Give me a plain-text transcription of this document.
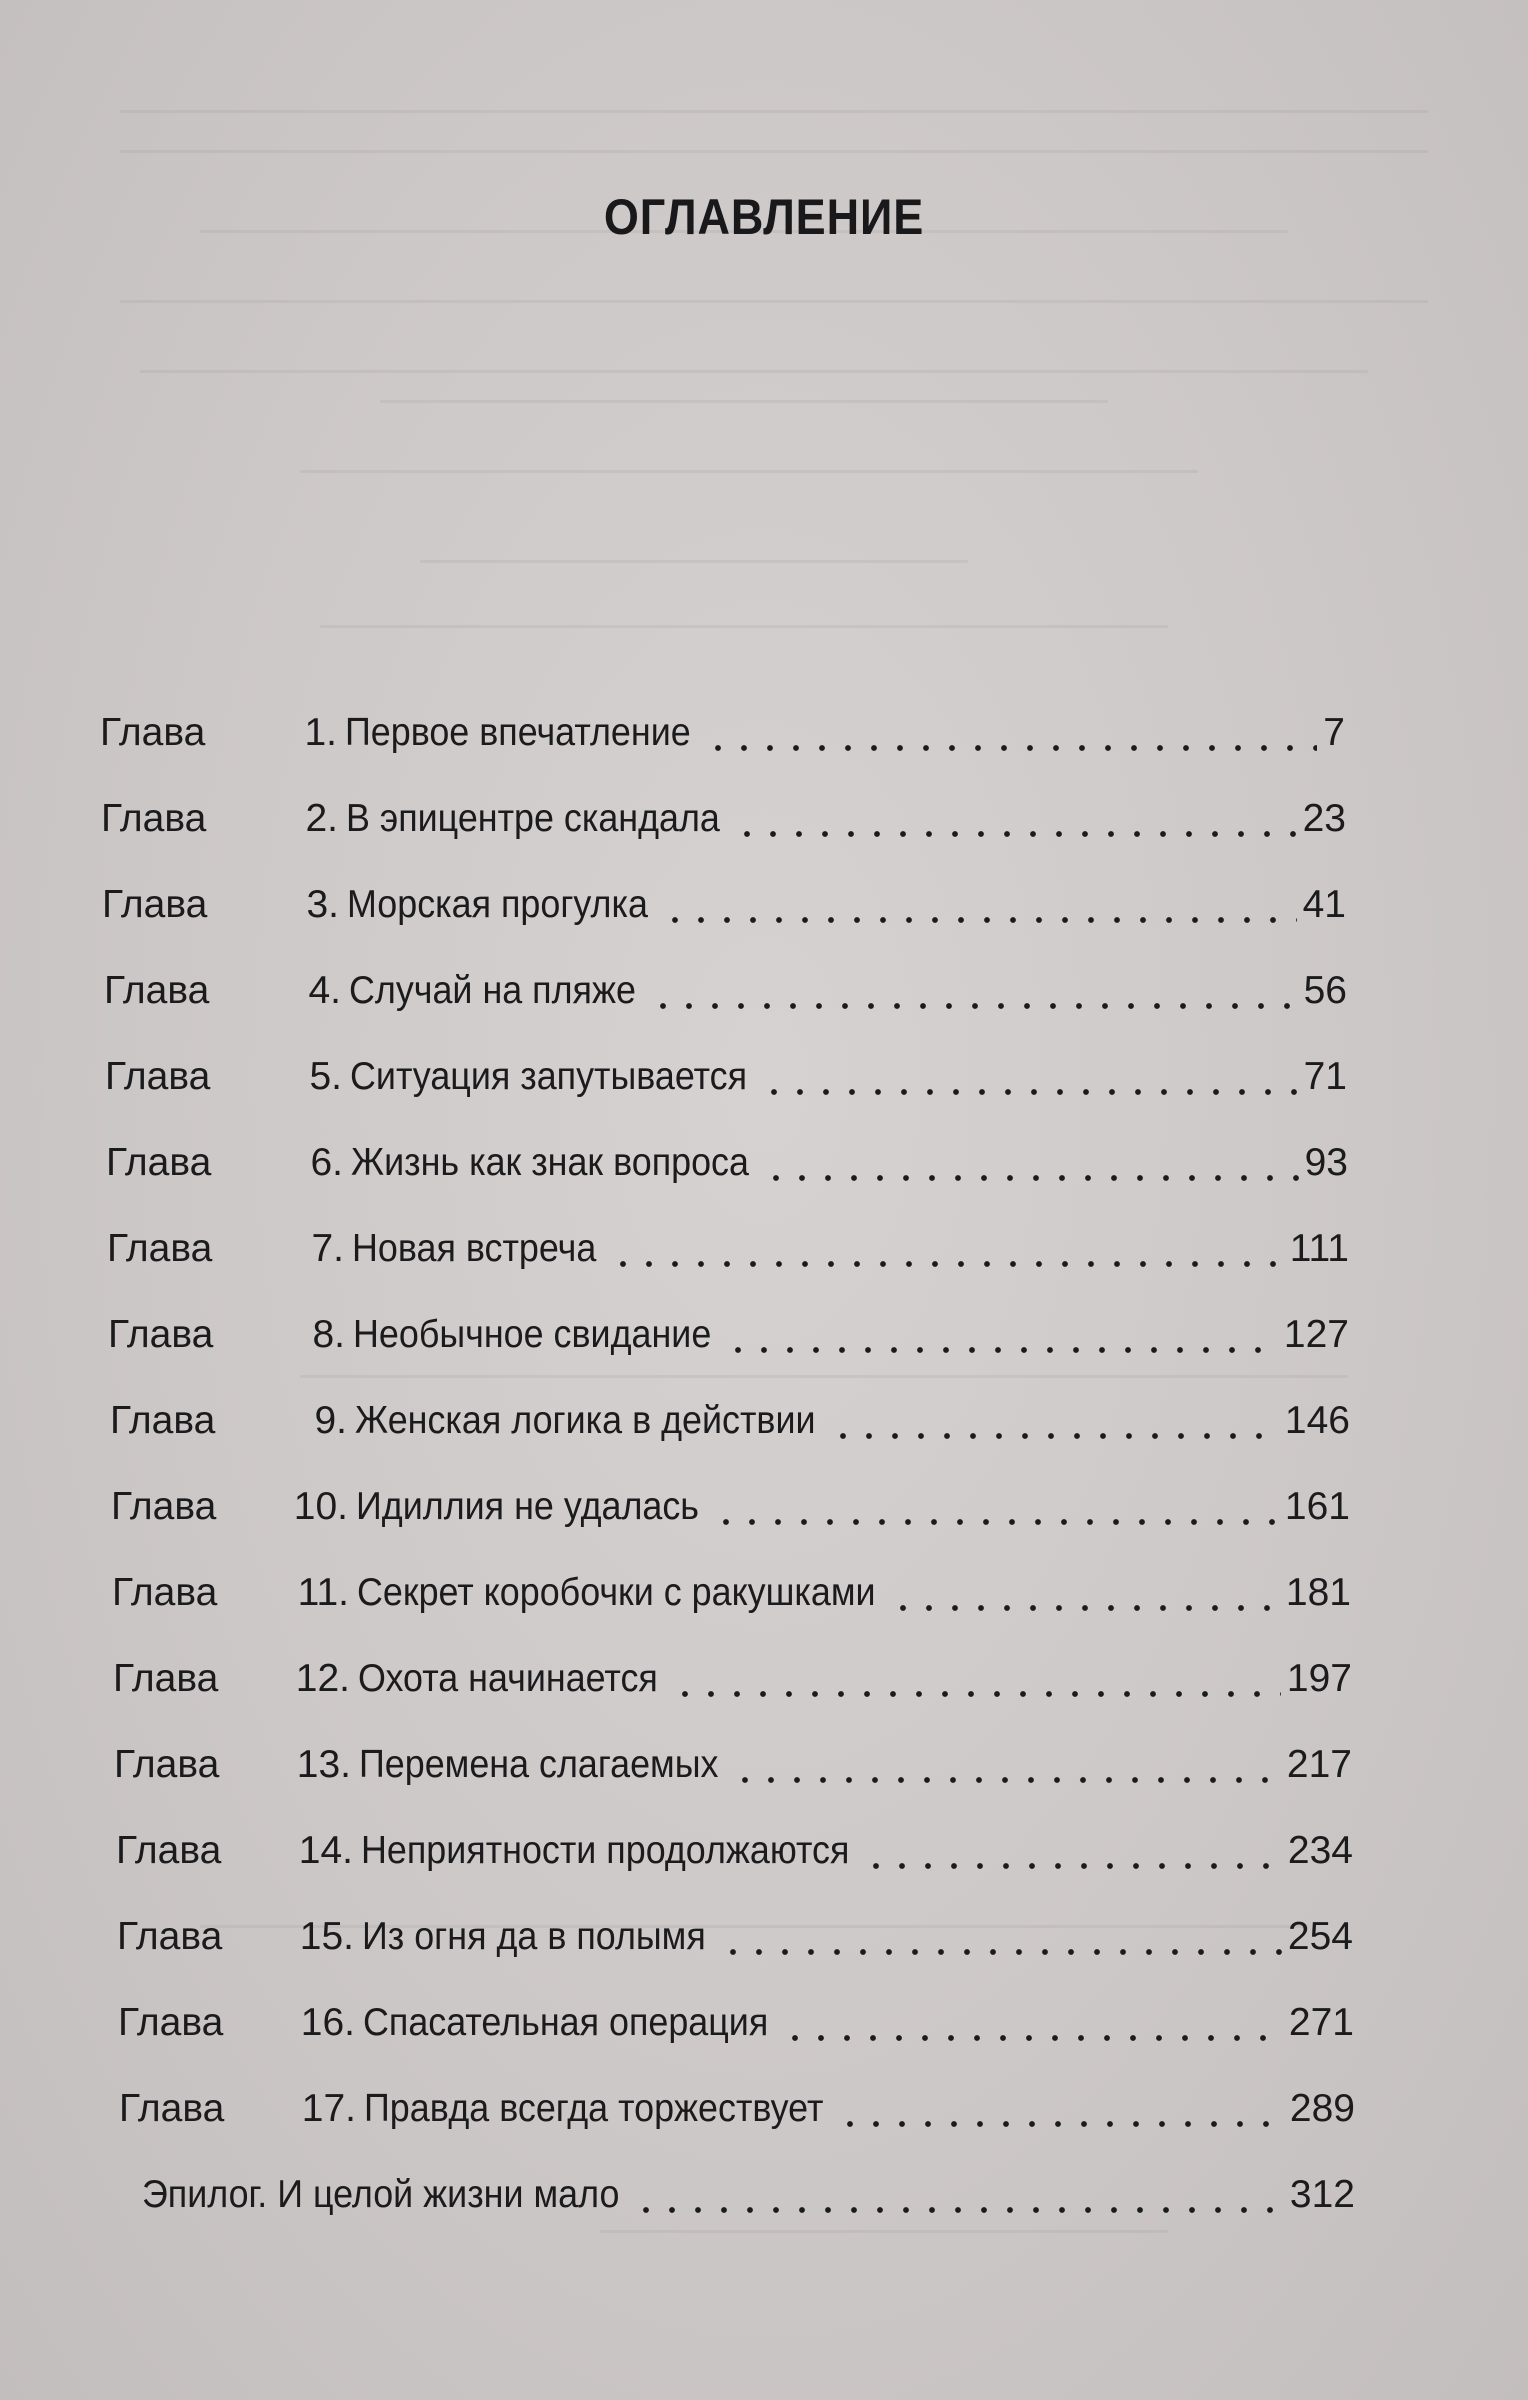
ОГЛАВЛЕНИЕ
Глава	1. Первое впечатление	7
Глава	2. В эпицентре скандала	23
Глава	3. Морская прогулка	41
Глава	4. Случай на пляже	56
Глава	5. Ситуация запутывается	71
Глава	6. Жизнь как знак вопроса	93
Глава	7. Новая встреча	111
Глава	8. Необычное свидание	127
Глава	9. Женская логика в действии	146
Глава	10. Идиллия не удалась	161
Глава	11. Секрет коробочки с ракушками	181
Глава	12. Охота начинается	197
Глава	13. Перемена слагаемых	217
Глава	14. Неприятности продолжаются	234
Глава	15. Из огня да в полымя	254
Глава	16. Спасательная операция	271
Глава	17. Правда всегда торжествует	289
Эпилог. И целой жизни мало	312
